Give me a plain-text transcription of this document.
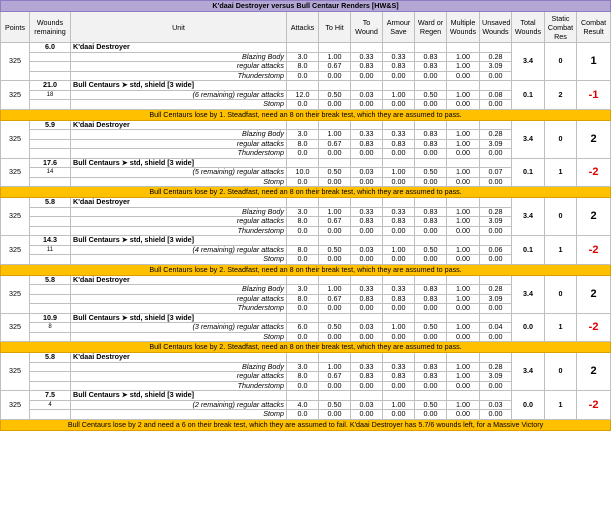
K'daai Destroyer versus Bull Centaur Renders [HW&S]												
Points	Wounds remaining	Unit	Attacks	To Hit	To Wound	Armour Save	Ward or Regen	Multiple Wounds	Unsaved Wounds	Total Wounds	Static Combat Res	Combat Result
325	6.0	K'daai Destroyer								3.4	0	1
		Blazing Body	3.0	1.00	0.33	0.33	0.83	1.00	0.28			
		regular attacks	8.0	0.67	0.83	0.83	0.83	1.00	3.09			
		Thunderstomp	0.0	0.00	0.00	0.00	0.00	0.00	0.00			
325	21.0	Bull Centaurs ➤ std, shield [3 wide]								0.1	2	-1
	18	(6 remaining) regular attacks	12.0	0.50	0.03	1.00	0.50	1.00	0.08			
		Stomp	0.0	0.00	0.00	0.00	0.00	0.00	0.00			
Bull Centaurs lose by 1. Steadfast, need an 8 on their break test, which they are assumed to pass.												
325	5.9	K'daai Destroyer								3.4	0	2
		Blazing Body	3.0	1.00	0.33	0.33	0.83	1.00	0.28			
		regular attacks	8.0	0.67	0.83	0.83	0.83	1.00	3.09			
		Thunderstomp	0.0	0.00	0.00	0.00	0.00	0.00	0.00			
325	17.6	Bull Centaurs ➤ std, shield [3 wide]								0.1	1	-2
	14	(5 remaining) regular attacks	10.0	0.50	0.03	1.00	0.50	1.00	0.07			
		Stomp	0.0	0.00	0.00	0.00	0.00	0.00	0.00			
Bull Centaurs lose by 2. Steadfast, need an 8 on their break test, which they are assumed to pass.												
325	5.8	K'daai Destroyer								3.4	0	2
		Blazing Body	3.0	1.00	0.33	0.33	0.83	1.00	0.28			
		regular attacks	8.0	0.67	0.83	0.83	0.83	1.00	3.09			
		Thunderstomp	0.0	0.00	0.00	0.00	0.00	0.00	0.00			
325	14.3	Bull Centaurs ➤ std, shield [3 wide]								0.1	1	-2
	11	(4 remaining) regular attacks	8.0	0.50	0.03	1.00	0.50	1.00	0.06			
		Stomp	0.0	0.00	0.00	0.00	0.00	0.00	0.00			
Bull Centaurs lose by 2. Steadfast, need an 8 on their break test, which they are assumed to pass.												
325	5.8	K'daai Destroyer								3.4	0	2
		Blazing Body	3.0	1.00	0.33	0.33	0.83	1.00	0.28			
		regular attacks	8.0	0.67	0.83	0.83	0.83	1.00	3.09			
		Thunderstomp	0.0	0.00	0.00	0.00	0.00	0.00	0.00			
325	10.9	Bull Centaurs ➤ std, shield [3 wide]								0.0	1	-2
	8	(3 remaining) regular attacks	6.0	0.50	0.03	1.00	0.50	1.00	0.04			
		Stomp	0.0	0.00	0.00	0.00	0.00	0.00	0.00			
Bull Centaurs lose by 2. Steadfast, need an 8 on their break test, which they are assumed to pass.												
325	5.8	K'daai Destroyer								3.4	0	2
		Blazing Body	3.0	1.00	0.33	0.33	0.83	1.00	0.28			
		regular attacks	8.0	0.67	0.83	0.83	0.83	1.00	3.09			
		Thunderstomp	0.0	0.00	0.00	0.00	0.00	0.00	0.00			
325	7.5	Bull Centaurs ➤ std, shield [3 wide]								0.0	1	-2
	4	(2 remaining) regular attacks	4.0	0.50	0.03	1.00	0.50	1.00	0.03			
		Stomp	0.0	0.00	0.00	0.00	0.00	0.00	0.00			
Bull Centaurs lose by 2 and need a 6 on their break test, which they are assumed to fail. K'daai Destroyer has 5.7/6 wounds left, for a Massive Victory												
